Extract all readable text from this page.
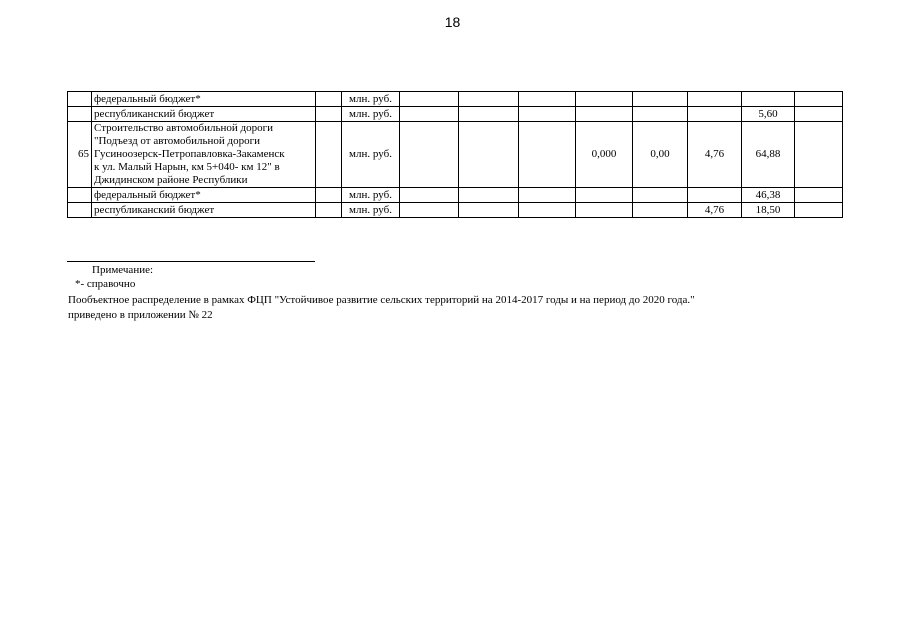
18
	федеральный бюджет*		млн. руб.								
	республиканский бюджет		млн. руб.							5,60	
65	Строительство автомобильной дороги
"Подъезд от автомобильной дороги
Гусиноозерск-Петропавловка-Закаменск
к ул. Малый Нарын, км 5+040- км 12" в
Джидинском районе Республики		млн. руб.				0,000	0,00	4,76	64,88	
	федеральный бюджет*		млн. руб.							46,38	
	республиканский бюджет		млн. руб.						4,76	18,50	
Примечание:
*- справочно
Пообъектное распределение в рамках ФЦП "Устойчивое развитие сельских территорий на 2014-2017 годы и на период до 2020 года."
приведено в приложении № 22
